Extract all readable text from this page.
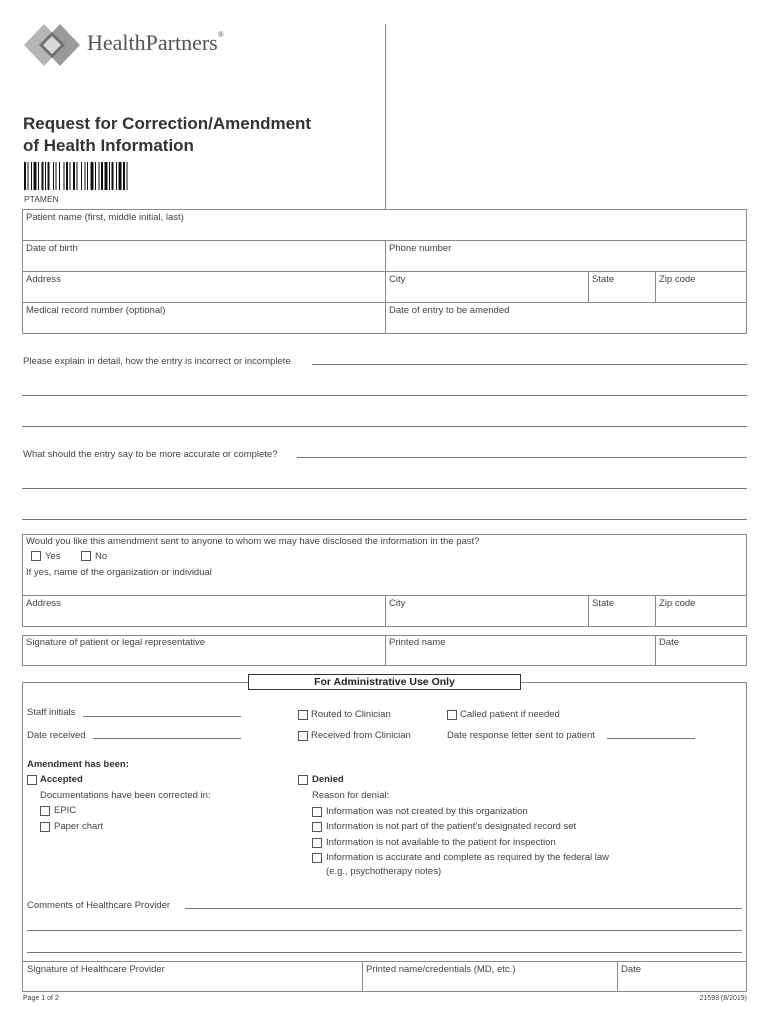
HealthPartners®
Request for Correction/Amendment
of Health Information
PTAMEN
Patient name (first, middle initial, last)
Date of birth	Phone number
Address	City	State	Zip code
Medical record number (optional)	Date of entry to be amended
Please explain in detail, how the entry is incorrect or incomplete
What should the entry say to be more accurate or complete?
Would you like this amendment sent to anyone to whom we may have disclosed the information in the past?
Yes	No
If yes, name of the organization or individual
Address	City	State	Zip code
Signature of patient or legal representative	Printed name	Date
For Administrative Use Only
Staff initials	Routed to Clinician	Called patient if needed
Date received	Received from Clinician	Date response letter sent to patient
Amendment has been:
Accepted
Documentations have been corrected in:
EPIC
Paper chart
Denied
Reason for denial:
Information was not created by this organization
Information is not part of the patient’s designated record set
Information is not available to the patient for inspection
Information is accurate and complete as required by the federal law
(e.g., psychotherapy notes)
Comments of Healthcare Provider
Signature of Healthcare Provider	Printed name/credentials (MD, etc.)	Date
Page 1 of 2	21593 (8/2019)
